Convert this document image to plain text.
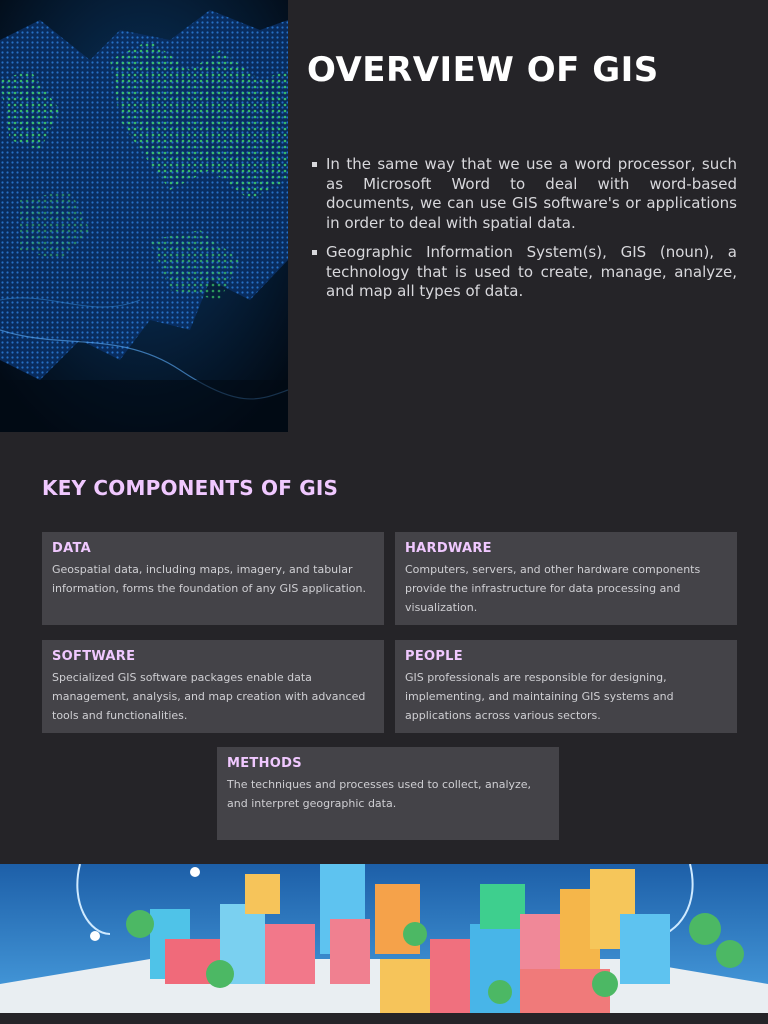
OVERVIEW OF GIS
In the same way that we use a word processor, such as Microsoft Word to deal with word-based documents, we can use GIS software's or applications in order to deal with spatial data.
Geographic Information System(s), GIS (noun), a technology that is used to create, manage, analyze, and map all types of data.
KEY COMPONENTS OF GIS
DATA
Geospatial data, including maps, imagery, and tabular information, forms the foundation of any GIS application.
HARDWARE
Computers, servers, and other hardware components provide the infrastructure for data processing and visualization.
SOFTWARE
Specialized GIS software packages enable data management, analysis, and map creation with advanced tools and functionalities.
PEOPLE
GIS professionals are responsible for designing, implementing, and maintaining GIS systems and applications across various sectors.
METHODS
The techniques and processes used to collect, analyze, and interpret geographic data.
